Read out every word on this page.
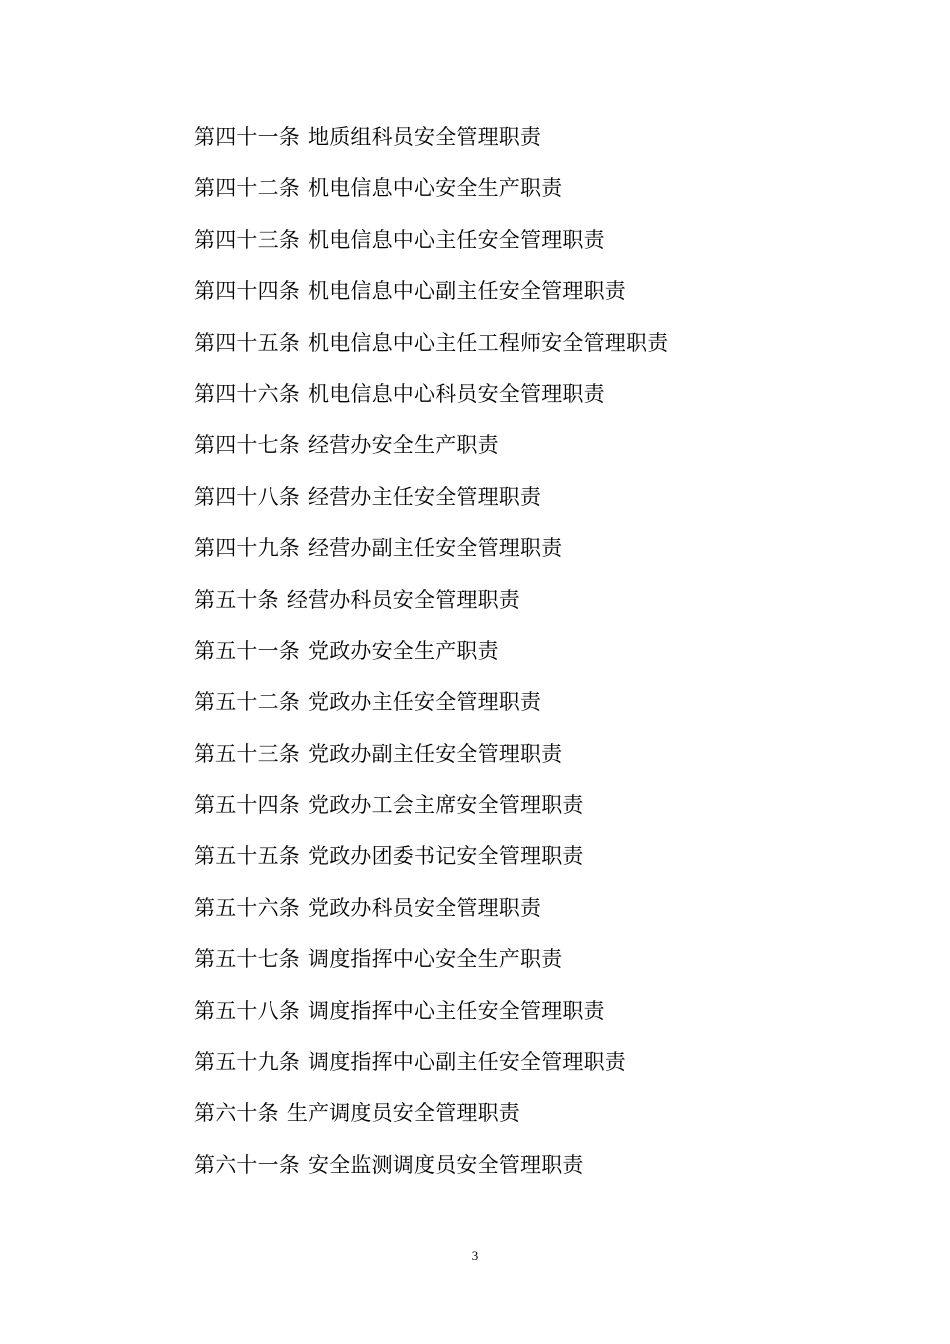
第四十一条 地质组科员安全管理职责
第四十二条 机电信息中心安全生产职责
第四十三条 机电信息中心主任安全管理职责
第四十四条 机电信息中心副主任安全管理职责
第四十五条 机电信息中心主任工程师安全管理职责
第四十六条 机电信息中心科员安全管理职责
第四十七条 经营办安全生产职责
第四十八条 经营办主任安全管理职责
第四十九条 经营办副主任安全管理职责
第五十条 经营办科员安全管理职责
第五十一条 党政办安全生产职责
第五十二条 党政办主任安全管理职责
第五十三条 党政办副主任安全管理职责
第五十四条 党政办工会主席安全管理职责
第五十五条 党政办团委书记安全管理职责
第五十六条 党政办科员安全管理职责
第五十七条 调度指挥中心安全生产职责
第五十八条 调度指挥中心主任安全管理职责
第五十九条 调度指挥中心副主任安全管理职责
第六十条 生产调度员安全管理职责
第六十一条 安全监测调度员安全管理职责
3
